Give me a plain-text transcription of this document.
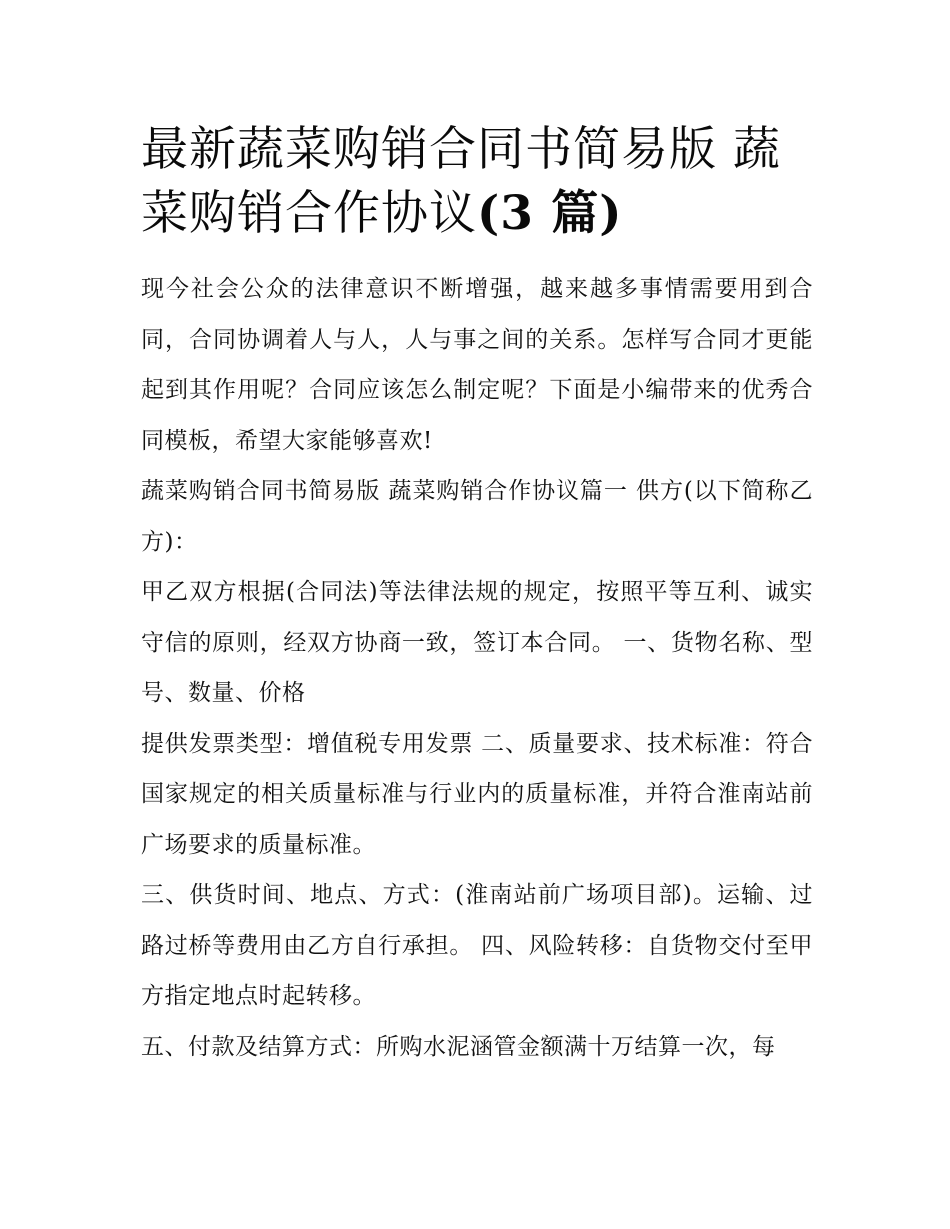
最新蔬菜购销合同书简易版 蔬菜购销合作协议(3 篇)

现今社会公众的法律意识不断增强，越来越多事情需要用到合同，合同协调着人与人，人与事之间的关系。怎样写合同才更能起到其作用呢？合同应该怎么制定呢？下面是小编带来的优秀合同模板，希望大家能够喜欢!

蔬菜购销合同书简易版 蔬菜购销合作协议篇一 供方(以下简称乙方)：

甲乙双方根据(合同法)等法律法规的规定，按照平等互利、诚实守信的原则，经双方协商一致，签订本合同。 一、货物名称、型号、数量、价格

提供发票类型：增值税专用发票 二、质量要求、技术标准：符合国家规定的相关质量标准与行业内的质量标准，并符合淮南站前广场要求的质量标准。

三、供货时间、地点、方式：(淮南站前广场项目部)。运输、过路过桥等费用由乙方自行承担。 四、风险转移：自货物交付至甲方指定地点时起转移。

五、付款及结算方式：所购水泥涵管金额满十万结算一次，每
